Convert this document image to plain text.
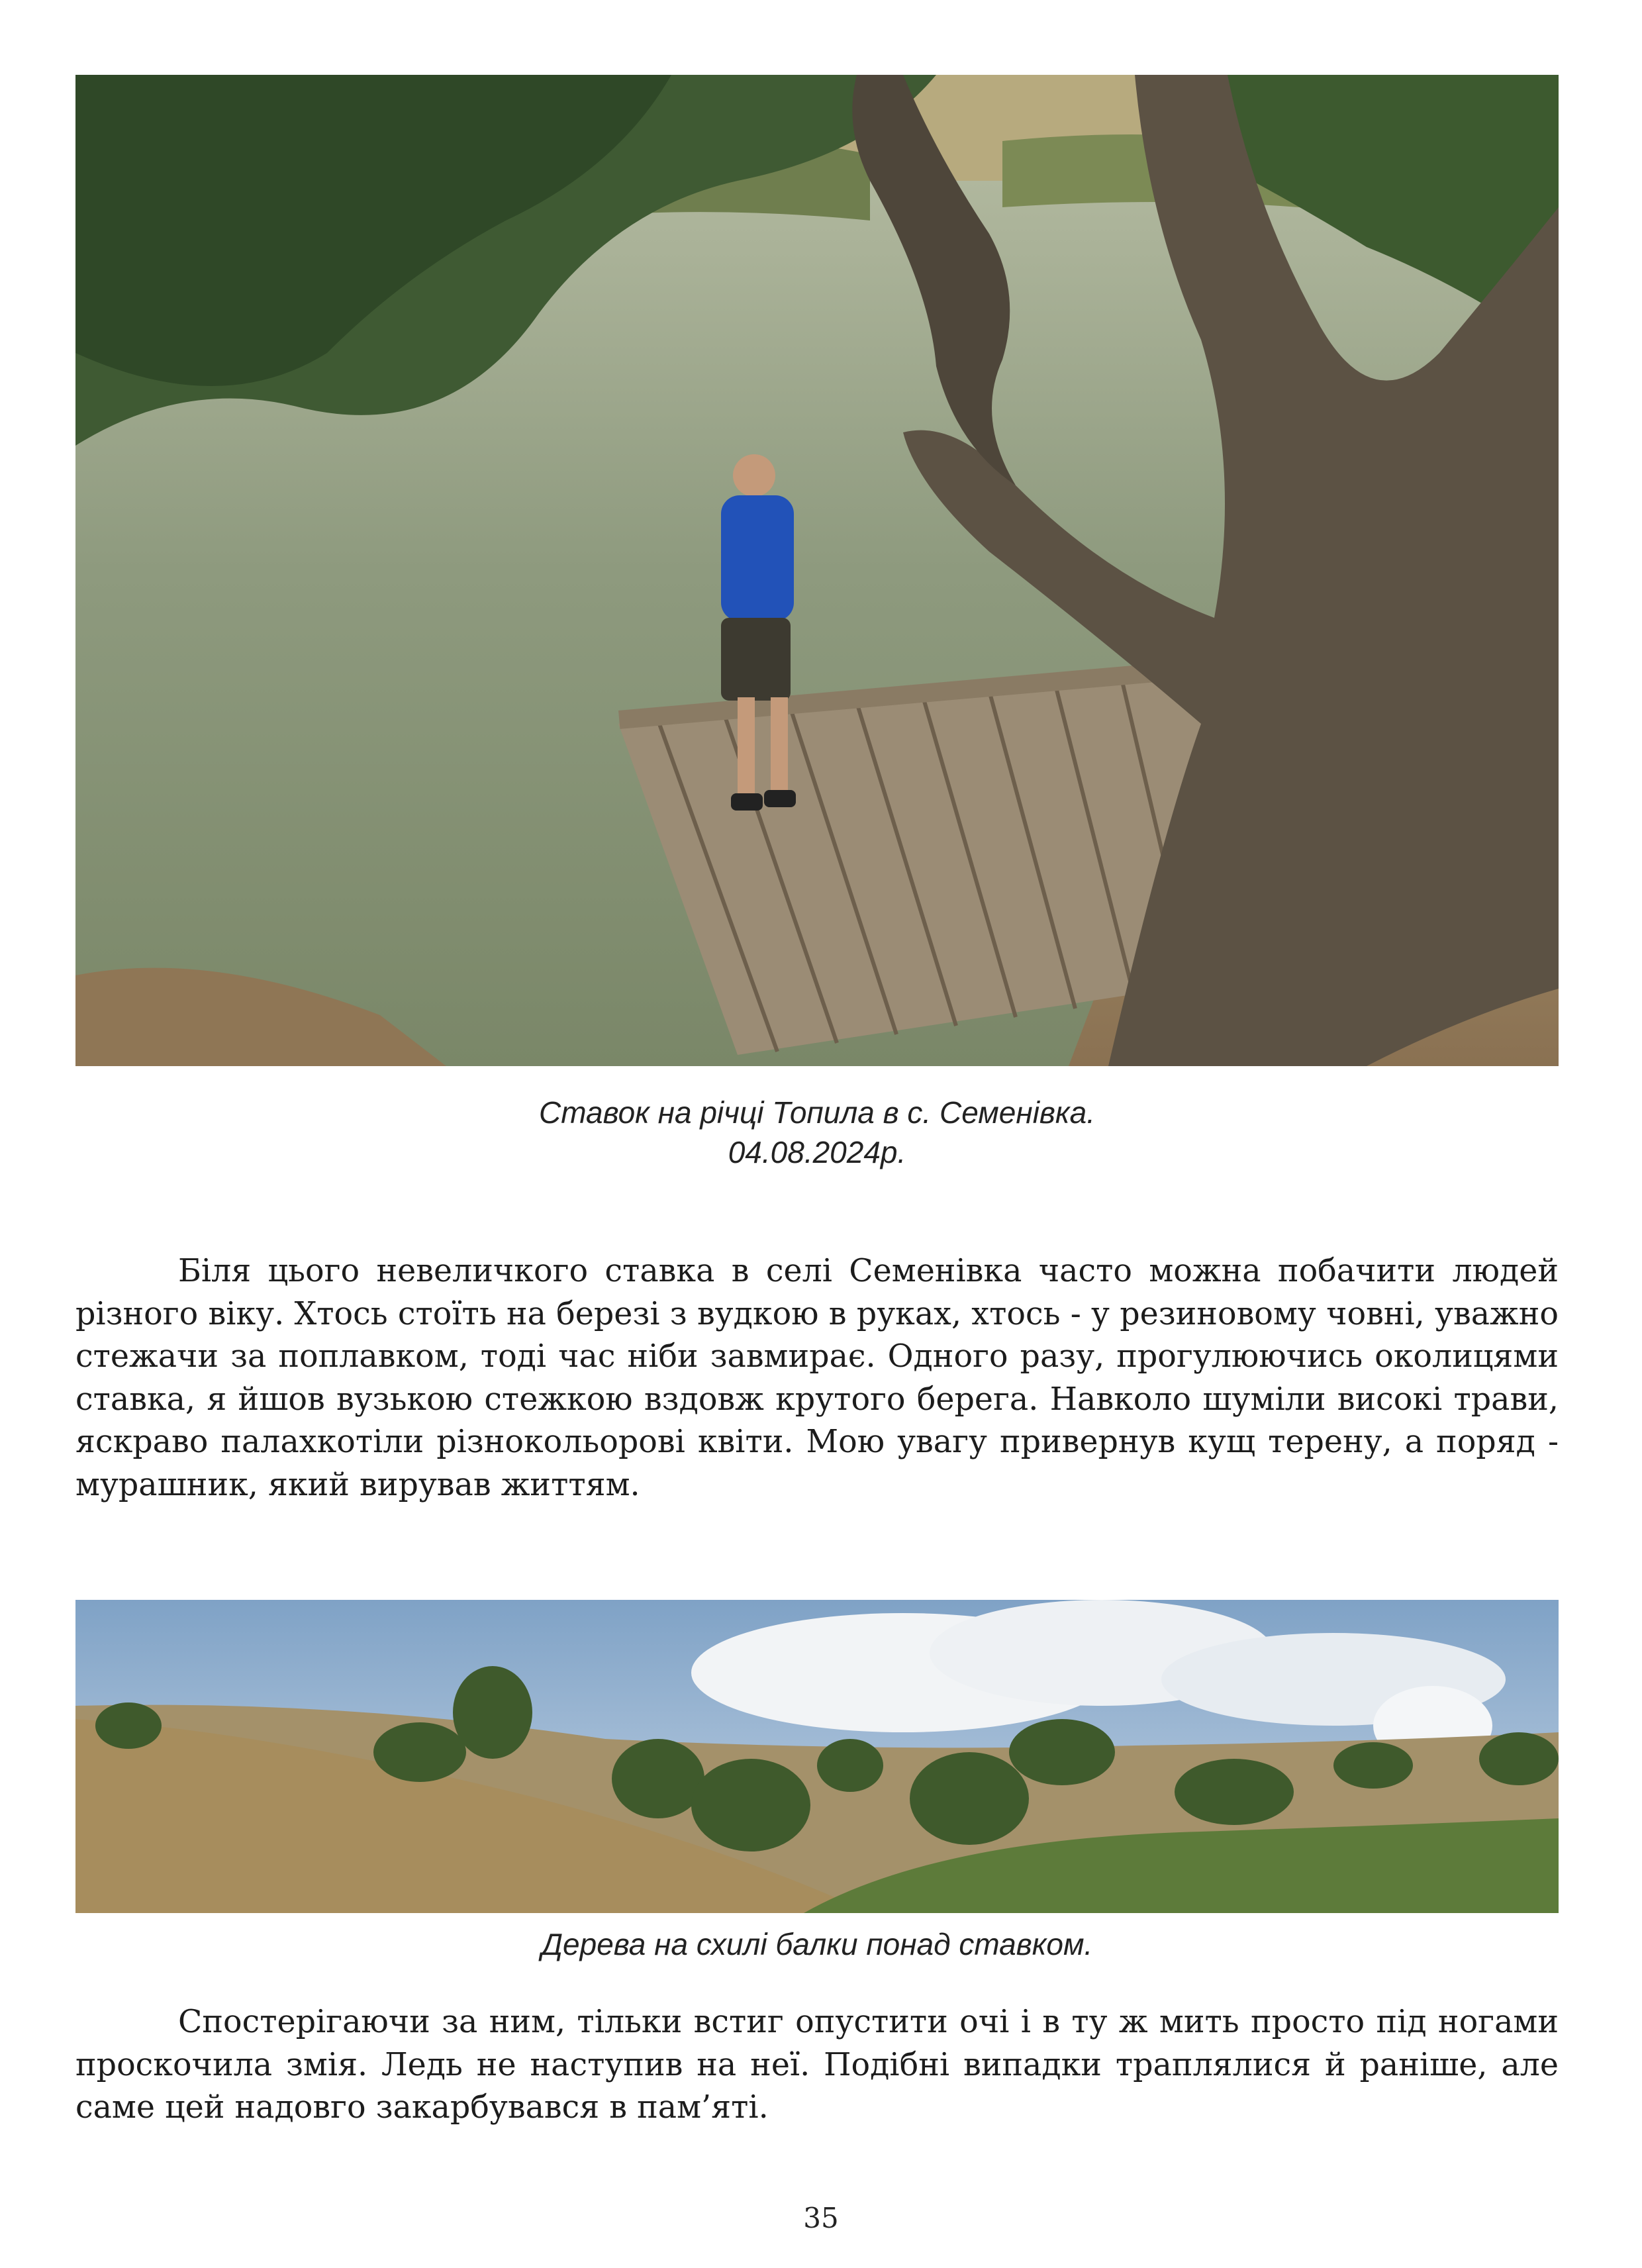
Ставок на річці Топила в с. Семенівка.
04.08.2024р.

Біля цього невеличкого ставка в селі Семенівка часто можна побачити людей різного віку. Хтось стоїть на березі з вудкою в руках, хтось - у резиновому човні, уважно стежачи за поплавком, тоді час ніби завмирає. Одного разу, прогулюючись околицями ставка, я йшов вузькою стежкою вздовж крутого берега. Навколо шуміли високі трави, яскраво палахкотіли різнокольорові квіти. Мою увагу привернув кущ терену, а поряд - мурашник, який вирував життям.

Дерева на схилі балки понад ставком.

Спостерігаючи за ним, тільки встиг опустити очі і в ту ж мить просто під ногами проскочила змія. Ледь не наступив на неї. Подібні випадки траплялися й раніше, але саме цей надовго закарбувався в пам’яті.

35
